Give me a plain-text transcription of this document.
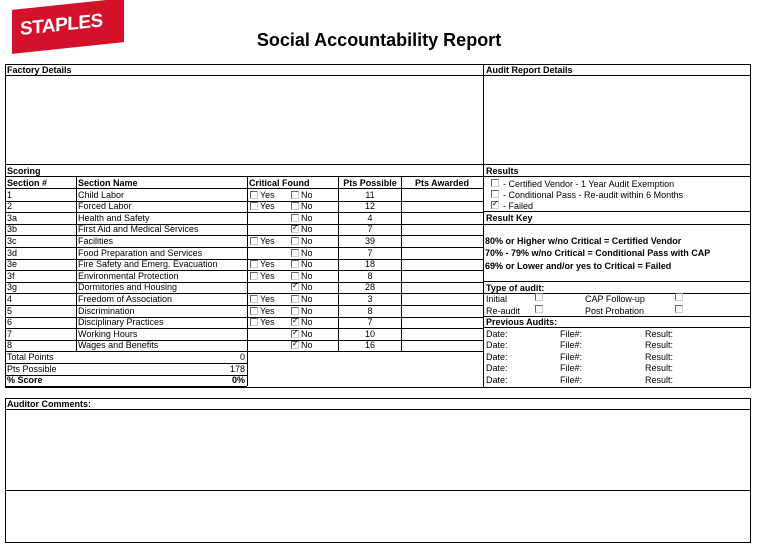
STAPLES	Social Accountability Report
Factory Details	Audit Report Details
Scoring
Section #	Section Name	Critical Found	Pts Possible	Pts Awarded
1	Child Labor	Yes	No	11
2	Forced Labor	Yes	No	12
3a	Health and Safety	No	4
3b	First Aid and Medical Services ✓	No	7
3c	Facilities	Yes	No	39
3d	Food Preparation and Services	No	7
3e	Fire Safety and Emerg. Evacuation	Yes	No	18
3f	Environmental Protection	Yes	No	8
3g	Dormitories and Housing ✓	No	28
4	Freedom of Association	Yes	No	3
5	Discrimination	Yes	No	8
6	Disciplinary Practices	Yes ✓	No	7
7	Working Hours ✓	No	10
8	Wages and Benefits ✓	No	16
Total Points	0
Pts Possible	178
% Score	0%
Results
- Certified Vendor - 1 Year Audit Exemption
- Conditional Pass - Re-audit within 6 Months
✓
- Failed
Result Key
80% or Higher w/no Critical = Certified Vendor
70% - 79% w/no Critical = Conditional Pass with CAP
69% or Lower and/or yes to Critical = Failed
Type of audit:
Initial	CAP Follow-up
Re-audit	Post Probation
Previous Audits:
Date:	File#:	Result:
Date:	File#:	Result:
Date:	File#:	Result:
Date:	File#:	Result:
Date:	File#:	Result:
Auditor Comments:
